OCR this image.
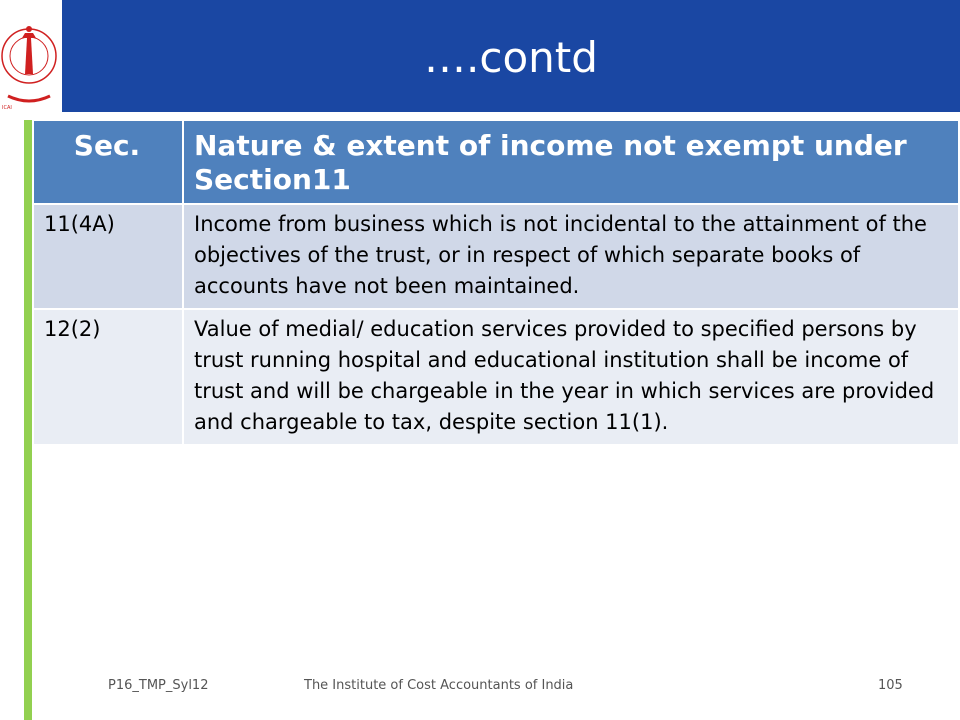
ICAI
….contd
Sec.	Nature & extent of income not exempt under Section11
11(4A)	Income from business which is not incidental to the attainment of the objectives of the trust, or in respect of which separate books of accounts have not been maintained.
12(2)	Value of medial/ education services provided to specified persons by trust running hospital and educational institution shall be income of trust and will be chargeable in the year in which services are provided and chargeable to tax, despite section 11(1).
P16_TMP_Syl12	The Institute of Cost Accountants of India	105
